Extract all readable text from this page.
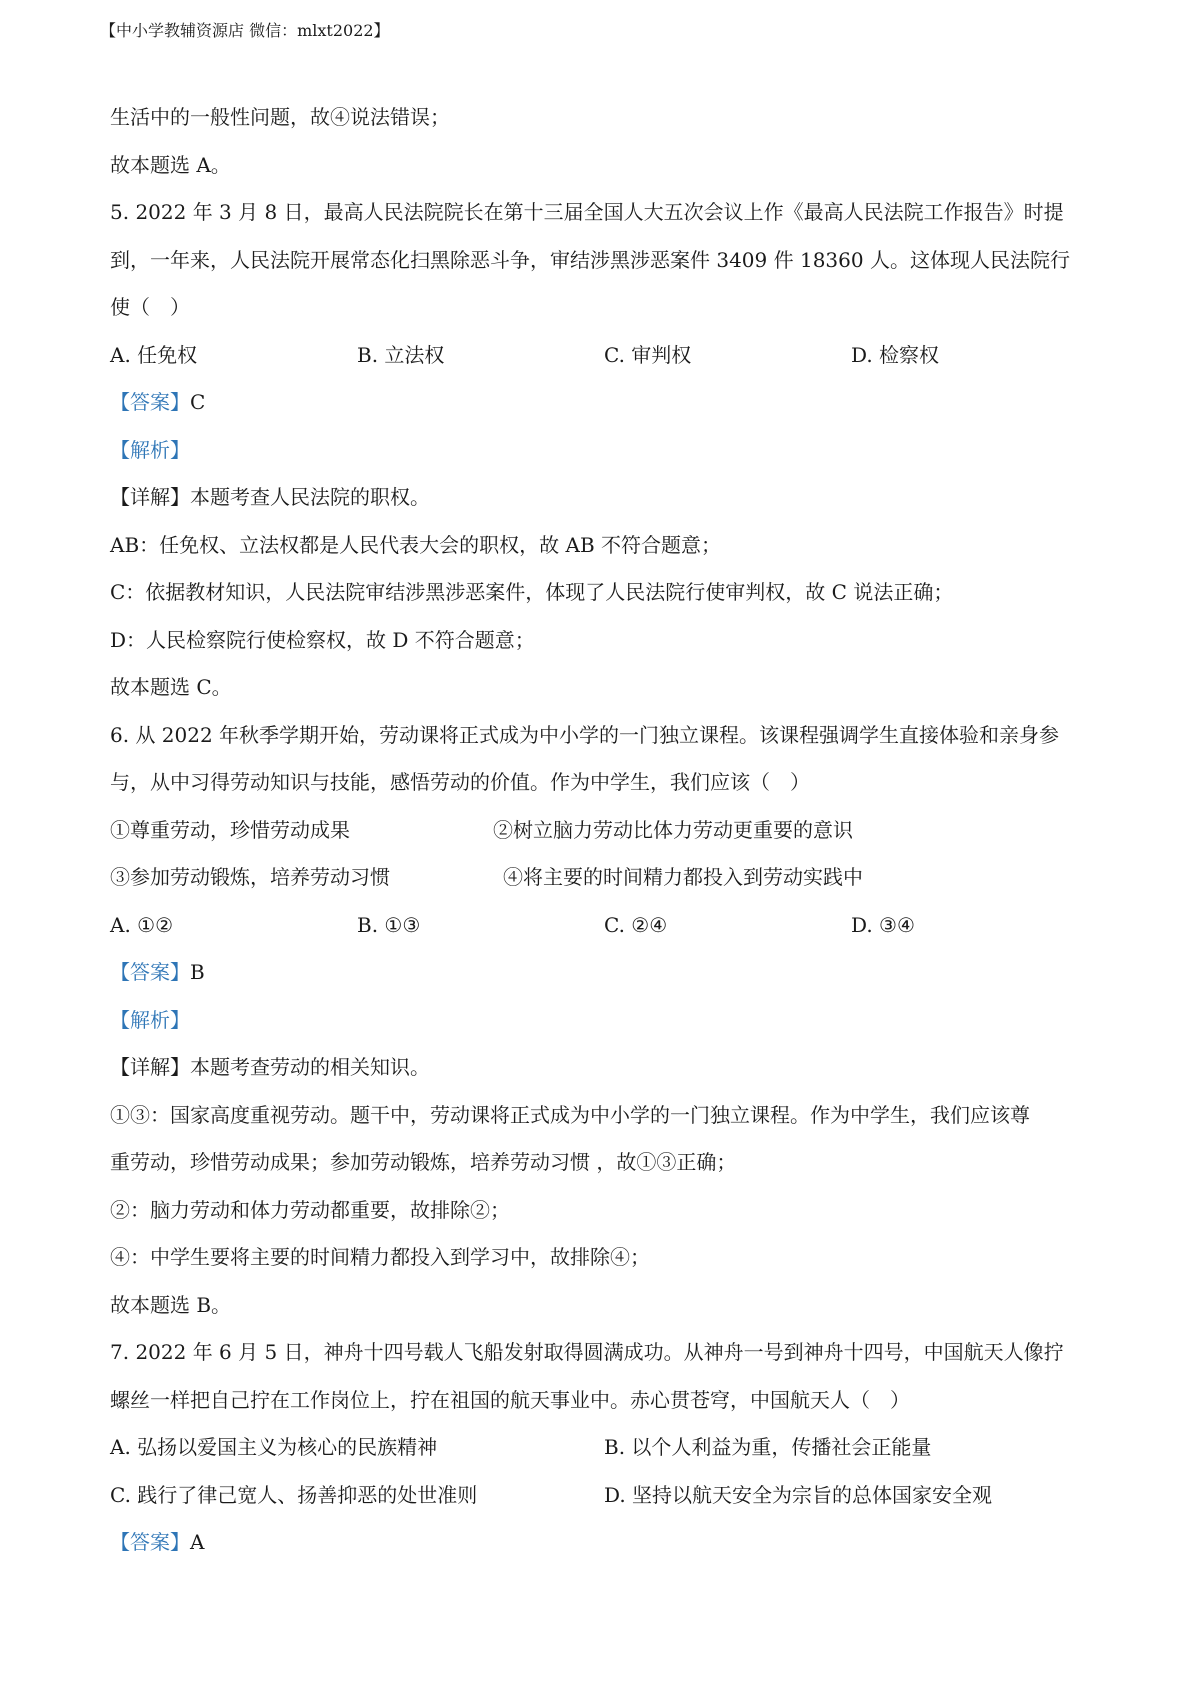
【中小学教辅资源店 微信：mlxt2022】
生活中的一般性问题，故④说法错误；
故本题选 A。
5. 2022 年 3 月 8 日，最高人民法院院长在第十三届全国人大五次会议上作《最高人民法院工作报告》时提
到，一年来，人民法院开展常态化扫黑除恶斗争，审结涉黑涉恶案件 3409 件 18360 人。这体现人民法院行
使（　）
A. 任免权	B. 立法权	C. 审判权	D. 检察权
【答案】C
【解析】
【详解】本题考查人民法院的职权。
AB：任免权、立法权都是人民代表大会的职权，故 AB 不符合题意；
C：依据教材知识，人民法院审结涉黑涉恶案件，体现了人民法院行使审判权，故 C 说法正确；
D：人民检察院行使检察权，故 D 不符合题意；
故本题选 C。
6. 从 2022 年秋季学期开始，劳动课将正式成为中小学的一门独立课程。该课程强调学生直接体验和亲身参
与，从中习得劳动知识与技能，感悟劳动的价值。作为中学生，我们应该（　）
①尊重劳动，珍惜劳动成果	②树立脑力劳动比体力劳动更重要的意识
③参加劳动锻炼，培养劳动习惯	④将主要的时间精力都投入到劳动实践中
A. ①②	B. ①③	C. ②④	D. ③④
【答案】B
【解析】
【详解】本题考查劳动的相关知识。
①③：国家高度重视劳动。题干中，劳动课将正式成为中小学的一门独立课程。作为中学生，我们应该尊
重劳动，珍惜劳动成果；参加劳动锻炼，培养劳动习惯 ，故①③正确；
②：脑力劳动和体力劳动都重要，故排除②；
④：中学生要将主要的时间精力都投入到学习中，故排除④；
故本题选 B。
7. 2022 年 6 月 5 日，神舟十四号载人飞船发射取得圆满成功。从神舟一号到神舟十四号，中国航天人像拧
螺丝一样把自己拧在工作岗位上，拧在祖国的航天事业中。赤心贯苍穹，中国航天人（　）
A. 弘扬以爱国主义为核心的民族精神	B. 以个人利益为重，传播社会正能量
C. 践行了律己宽人、扬善抑恶的处世准则	D. 坚持以航天安全为宗旨的总体国家安全观
【答案】A
